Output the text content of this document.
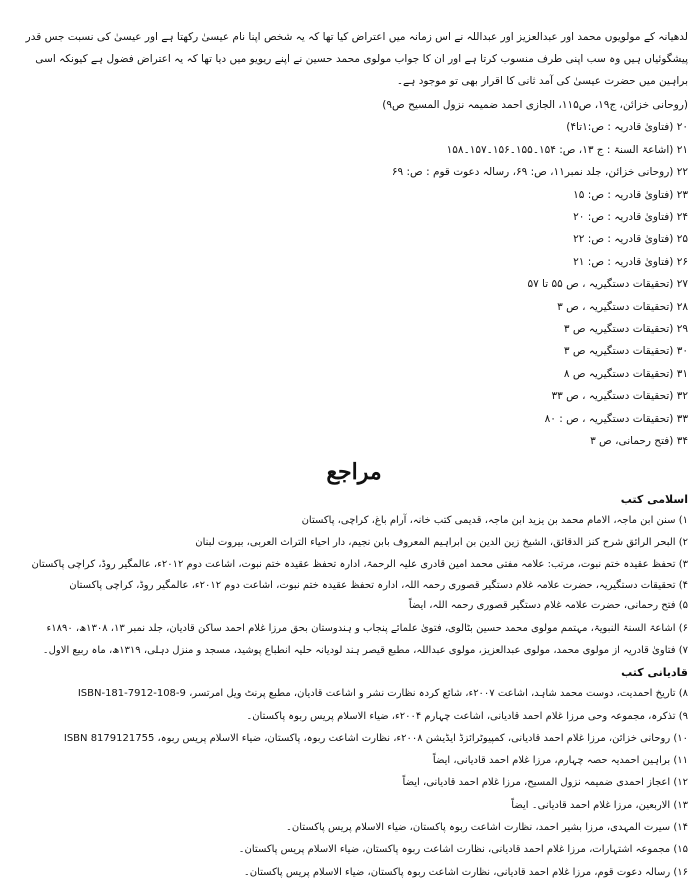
لدھیانہ کے مولویوں محمد اور عبدالعزیز اور عبداللہ نے اس زمانہ میں اعتراض کیا تھا کہ یہ شخص اپنا نام عیسیٰ رکھتا ہے اور عیسیٰ کی نسبت جس قدر پیشگوئیاں ہیں وہ سب اپنی طرف منسوب کرتا ہے اور ان کا جواب مولوی محمد حسین نے اپنے ریویو میں دیا تھا کہ یہ اعتراض فضول ہے کیونکہ اسی براہین میں حضرت عیسیٰ کی آمد ثانی کا اقرار بھی تو موجود ہے۔

(روحانی خزائن، ج۱۹، ص۱۱۵، الجازی احمد ضمیمہ نزول المسیح ص۹)
۲۰ (فتاویٰ قادریہ : ص:۱تا۴)
۲۱ (اشاعۃ السنۃ : ج ۱۳، ص: ۱۵۴۔۱۵۵۔۱۵۶۔۱۵۷۔۱۵۸
۲۲ (روحانی خزائن، جلد نمبر۱۱، ص: ۶۹، رسالہ دعوت قوم : ص: ۶۹
۲۳ (فتاویٰ قادریہ : ص: ۱۵
۲۴ (فتاویٰ قادریہ : ص: ۲۰
۲۵ (فتاویٰ قادریہ : ص: ۲۲
۲۶ (فتاویٰ قادریہ : ص: ۲۱
۲۷ (تحقیقات دستگیریہ ، ص ۵۵ تا ۵۷
۲۸ (تحقیقات دستگیریہ ، ص ۳
۲۹ (تحقیقات دستگیریہ ص ۳
۳۰ (تحقیقات دستگیریہ ص ۳
۳۱ (تحقیقات دستگیریہ ص ۸
۳۲ (تحقیقات دستگیریہ ، ص ۳۳
۳۳ (تحقیقات دستگیریہ ، ص : ۸۰
۳۴ (فتح رحمانی، ص ۳
مراجع

اسلامی کتب

۱) سنن ابن ماجہ، الامام محمد بن یزید ابن ماجہ، قدیمی کتب خانہ، آرام باغ، کراچی، پاکستان
۲) البحر الرائق شرح کنز الدقائق، الشیخ زین الدین بن ابراہیم المعروف بابن نجیم، دار احیاء التراث العربی، بیروت لبنان
۳) تحفظ عقیدہ ختم نبوت، مرتب: علامہ مفتی محمد امین قادری علیہ الرحمۃ، ادارہ تحفظ عقیدہ ختم نبوت، اشاعت دوم ۲۰۱۲ء، عالمگیر روڈ، کراچی پاکستان
۴) تحقیقات دستگیریہ، حضرت علامہ غلام دستگیر قصوری رحمہ اللہ، ادارہ تحفظ عقیدہ ختم نبوت، اشاعت دوم ۲۰۱۲ء، عالمگیر روڈ، کراچی پاکستان
۵) فتح رحمانی، حضرت علامہ غلام دستگیر قصوری رحمہ اللہ، ایضاً
۶) اشاعۃ السنۃ النبویۃ، مہتمم مولوی محمد حسین بٹالوی، فتویٰ علمائے پنجاب و ہندوستان بحق مرزا غلام احمد ساکن قادیان، جلد نمبر ۱۳، ۱۳۰۸ھ، ۱۸۹۰ء
۷) فتاویٰ قادریہ از مولوی محمد، مولوی عبدالعزیز، مولوی عبداللہ، مطبع قیصر ہند لودیانہ حلیہ انطباع پوشید، مسجد و منزل دہلی، ۱۳۱۹ھ، ماہ ربیع الاول۔

قادیانی کتب

۸) تاریخ احمدیت، دوست محمد شاہد، اشاعت ۲۰۰۷ء، شائع کردہ نظارت نشر و اشاعت قادیان، مطبع پرنٹ ویل امرتسر، ISBN-181-7912-108-9
۹) تذکرہ، مجموعہ وحی مرزا غلام احمد قادیانی، اشاعت چہارم ۲۰۰۴ء، ضیاء الاسلام پریس ربوہ پاکستان۔
۱۰) روحانی خزائن، مرزا غلام احمد قادیانی، کمپیوٹرائزڈ ایڈیشن ۲۰۰۸ء، نظارت اشاعت ربوہ، پاکستان، ضیاء الاسلام پریس ربوہ، ISBN 8179121755
۱۱) براہین احمدیہ حصہ چہارم، مرزا غلام احمد قادیانی، ایضاً
۱۲) اعجاز احمدی ضمیمہ نزول المسیح، مرزا غلام احمد قادیانی، ایضاً
۱۳) الاربعین، مرزا غلام احمد قادیانی۔ ایضاً
۱۴) سیرت المہدی، مرزا بشیر احمد، نظارت اشاعت ربوہ پاکستان، ضیاء الاسلام پریس پاکستان۔
۱۵) مجموعہ اشتہارات، مرزا غلام احمد قادیانی، نظارت اشاعت ربوہ پاکستان، ضیاء الاسلام پریس پاکستان۔
۱۶) رسالہ دعوت قوم، مرزا غلام احمد قادیانی، نظارت اشاعت ربوہ پاکستان، ضیاء الاسلام پریس پاکستان۔
